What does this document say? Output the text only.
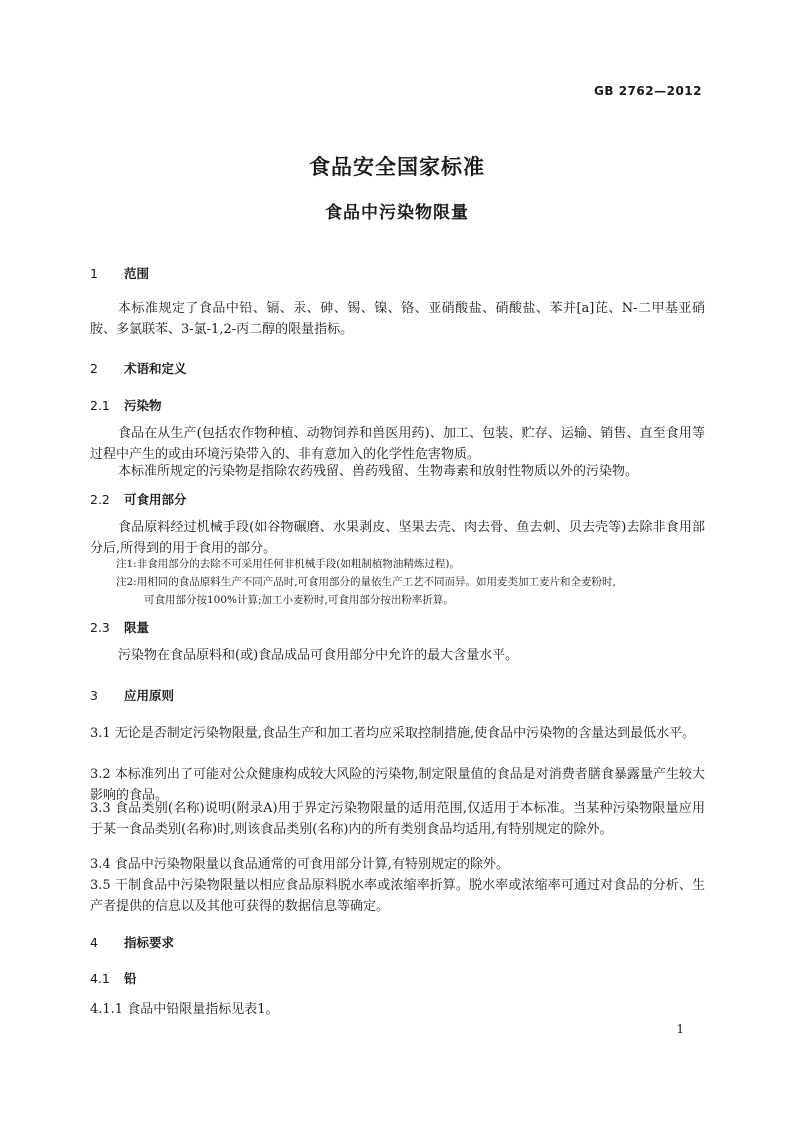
GB 2762—2012
食品安全国家标准
食品中污染物限量
1 范围
本标准规定了食品中铅、镉、汞、砷、锡、镍、铬、亚硝酸盐、硝酸盐、苯并[a]芘、N-二甲基亚硝胺、多氯联苯、3-氯-1,2-丙二醇的限量指标。
2 术语和定义
2.1 污染物
食品在从生产(包括农作物种植、动物饲养和兽医用药)、加工、包装、贮存、运输、销售、直至食用等过程中产生的或由环境污染带入的、非有意加入的化学性危害物质。
本标准所规定的污染物是指除农药残留、兽药残留、生物毒素和放射性物质以外的污染物。
2.2 可食用部分
食品原料经过机械手段(如谷物碾磨、水果剥皮、坚果去壳、肉去骨、鱼去刺、贝去壳等)去除非食用部分后,所得到的用于食用的部分。
注1:非食用部分的去除不可采用任何非机械手段(如粗制植物油精炼过程)。
注2:用相同的食品原料生产不同产品时,可食用部分的量依生产工艺不同而异。如用麦类加工麦片和全麦粉时,
可食用部分按100%计算;加工小麦粉时,可食用部分按出粉率折算。
2.3 限量
污染物在食品原料和(或)食品成品可食用部分中允许的最大含量水平。
3 应用原则
3.1 无论是否制定污染物限量,食品生产和加工者均应采取控制措施,使食品中污染物的含量达到最低水平。
3.2 本标准列出了可能对公众健康构成较大风险的污染物,制定限量值的食品是对消费者膳食暴露量产生较大影响的食品。
3.3 食品类别(名称)说明(附录A)用于界定污染物限量的适用范围,仅适用于本标准。当某种污染物限量应用于某一食品类别(名称)时,则该食品类别(名称)内的所有类别食品均适用,有特别规定的除外。
3.4 食品中污染物限量以食品通常的可食用部分计算,有特别规定的除外。
3.5 干制食品中污染物限量以相应食品原料脱水率或浓缩率折算。脱水率或浓缩率可通过对食品的分析、生产者提供的信息以及其他可获得的数据信息等确定。
4 指标要求
4.1 铅
4.1.1 食品中铅限量指标见表1。
1
